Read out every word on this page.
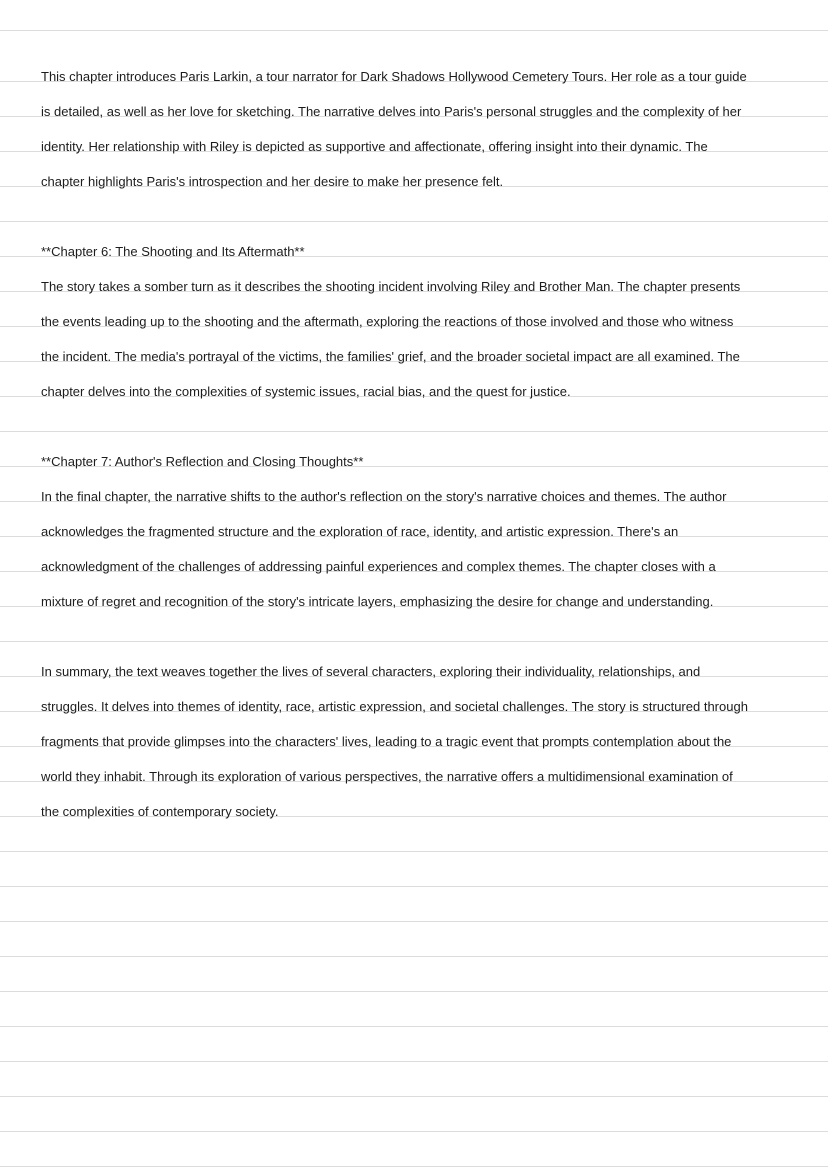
This chapter introduces Paris Larkin, a tour narrator for Dark Shadows Hollywood Cemetery Tours. Her role as a tour guide
is detailed, as well as her love for sketching. The narrative delves into Paris's personal struggles and the complexity of her
identity. Her relationship with Riley is depicted as supportive and affectionate, offering insight into their dynamic. The
chapter highlights Paris's introspection and her desire to make her presence felt.
**Chapter 6: The Shooting and Its Aftermath**
The story takes a somber turn as it describes the shooting incident involving Riley and Brother Man. The chapter presents
the events leading up to the shooting and the aftermath, exploring the reactions of those involved and those who witness
the incident. The media's portrayal of the victims, the families' grief, and the broader societal impact are all examined. The
chapter delves into the complexities of systemic issues, racial bias, and the quest for justice.
**Chapter 7: Author's Reflection and Closing Thoughts**
In the final chapter, the narrative shifts to the author's reflection on the story's narrative choices and themes. The author
acknowledges the fragmented structure and the exploration of race, identity, and artistic expression. There's an
acknowledgment of the challenges of addressing painful experiences and complex themes. The chapter closes with a
mixture of regret and recognition of the story's intricate layers, emphasizing the desire for change and understanding.
In summary, the text weaves together the lives of several characters, exploring their individuality, relationships, and
struggles. It delves into themes of identity, race, artistic expression, and societal challenges. The story is structured through
fragments that provide glimpses into the characters' lives, leading to a tragic event that prompts contemplation about the
world they inhabit. Through its exploration of various perspectives, the narrative offers a multidimensional examination of
the complexities of contemporary society.
